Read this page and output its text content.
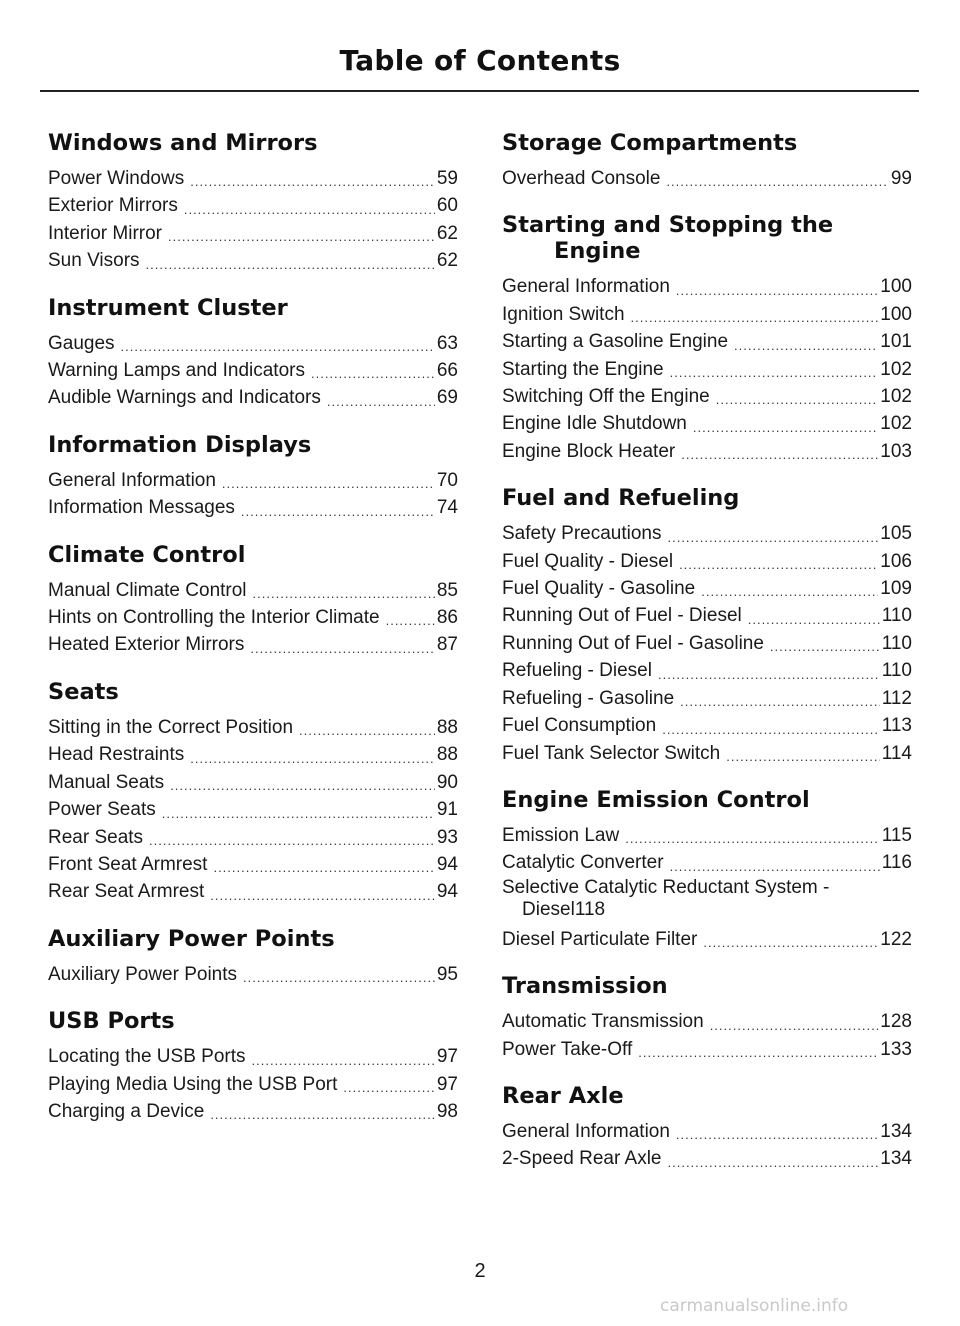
Table of Contents
Windows and Mirrors
Power Windows .....	59
Exterior Mirrors .....	60
Interior Mirror .....	62
Sun Visors .....	62
Instrument Cluster
Gauges .....	63
Warning Lamps and Indicators .....	66
Audible Warnings and Indicators .....	69
Information Displays
General Information .....	70
Information Messages .....	74
Climate Control
Manual Climate Control .....	85
Hints on Controlling the Interior Climate .....	86
Heated Exterior Mirrors .....	87
Seats
Sitting in the Correct Position .....	88
Head Restraints .....	88
Manual Seats .....	90
Power Seats .....	91
Rear Seats .....	93
Front Seat Armrest .....	94
Rear Seat Armrest .....	94
Auxiliary Power Points
Auxiliary Power Points .....	95
USB Ports
Locating the USB Ports .....	97
Playing Media Using the USB Port .....	97
Charging a Device .....	98
Storage Compartments
Overhead Console .....	99
Starting and Stopping the
Engine
General Information .....	100
Ignition Switch .....	100
Starting a Gasoline Engine .....	101
Starting the Engine .....	102
Switching Off the Engine .....	102
Engine Idle Shutdown .....	102
Engine Block Heater .....	103
Fuel and Refueling
Safety Precautions .....	105
Fuel Quality - Diesel .....	106
Fuel Quality - Gasoline .....	109
Running Out of Fuel - Diesel .....	110
Running Out of Fuel - Gasoline .....	110
Refueling - Diesel .....	110
Refueling - Gasoline .....	112
Fuel Consumption .....	113
Fuel Tank Selector Switch .....	114
Engine Emission Control
Emission Law .....	115
Catalytic Converter .....	116
Selective Catalytic Reductant System -
Diesel 118
Diesel Particulate Filter .....	122
Transmission
Automatic Transmission .....	128
Power Take-Off .....	133
Rear Axle
General Information .....	134
2-Speed Rear Axle .....	134
2
carmanualsonline.info
